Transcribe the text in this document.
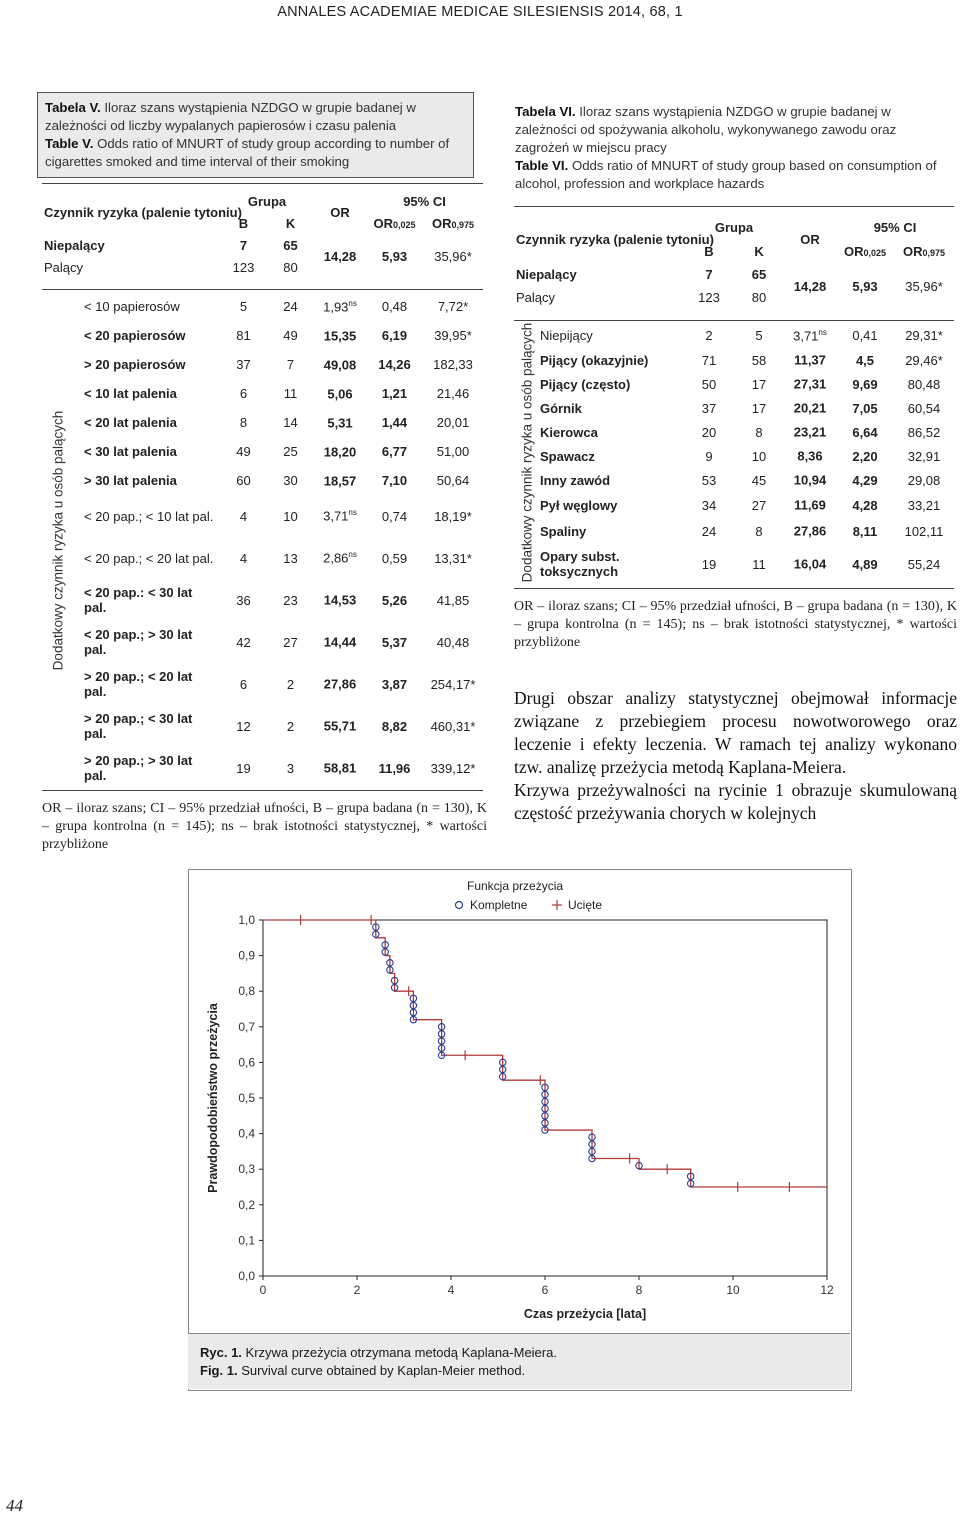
ANNALES ACADEMIAE MEDICAE SILESIENSIS 2014, 68, 1
Tabela V. Iloraz szans wystąpienia NZDGO w grupie badanej w zależności od liczby wypalanych papierosów i czasu palenia
Table V. Odds ratio of MNURT of study group according to number of cigarettes smoked and time interval of their smoking
Czynnik ryzyka (palenie tytoniu)	Grupa		OR	95% CI	
	B	K		OR0,025	OR0,975
Niepalący	7	65	14,28	5,93	35,96*
Palący	123	80			
Dodatkowy czynnik ryzyka u osób palących
< 10 papierosów	5	24	$1,93^{ns}$	0,48	7,72*
< 20 papierosów	81	49	15,35	6,19	39,95*
> 20 papierosów	37	7	49,08	14,26	182,33
< 10 lat palenia	6	11	5,06	1,21	21,46
< 20 lat palenia	8	14	5,31	1,44	20,01
< 30 lat palenia	49	25	18,20	6,77	51,00
> 30 lat palenia	60	30	18,57	7,10	50,64
< 20 pap.; < 10 lat pal.	4	10	$3,71^{ns}$	0,74	18,19*
< 20 pap.; < 20 lat pal.	4	13	$2,86^{ns}$	0,59	13,31*
< 20 pap.: < 30 lat pal.	36	23	14,53	5,26	41,85
< 20 pap.; > 30 lat pal.	42	27	14,44	5,37	40,48
> 20 pap.; < 20 lat pal.	6	2	27,86	3,87	254,17*
> 20 pap.; < 30 lat pal.	12	2	55,71	8,82	460,31*
> 20 pap.; > 30 lat pal.	19	3	58,81	11,96	339,12*
OR – iloraz szans; CI – 95% przedział ufności, B – grupa badana (n = 130), K – grupa kontrolna (n = 145); ns – brak istotności statystycznej, * wartości przybliżone
Tabela VI. Iloraz szans wystąpienia NZDGO w grupie badanej w zależności od spożywania alkoholu, wykonywanego zawodu oraz zagrożeń w miejscu pracy
Table VI. Odds ratio of MNURT of study group based on consumption of alcohol, profession and workplace hazards
Czynnik ryzyka (palenie tytoniu)	Grupa		OR	95% CI	
	B	K		OR0,025	OR0,975
Niepalący	7	65	14,28	5,93	35,96*
Palący	123	80			
Dodatkowy czynnik ryzyka u osób palących Niepijący	2	5	$3,71^{ns}$	0,41	29,31*
Pijący (okazyjnie)	71	58	11,37	4,5	29,46*
Pijący (często)	50	17	27,31	9,69	80,48
Górnik	37	17	20,21	7,05	60,54
Kierowca	20	8	23,21	6,64	86,52
Spawacz	9	10	8,36	2,20	32,91
Inny zawód	53	45	10,94	4,29	29,08
Pył węglowy	34	27	11,69	4,28	33,21
Spaliny	24	8	27,86	8,11	102,11
Opary subst. toksycznych	19	11	16,04	4,89	55,24
OR – iloraz szans; CI – 95% przedział ufności, B – grupa badana (n = 130), K – grupa kontrolna (n = 145); ns – brak istotności statystycznej, * wartości przybliżone

Drugi obszar analizy statystycznej obejmował informacje związane z przebiegiem procesu nowotworowego oraz leczenie i efekty leczenia. W ramach tej analizy wykonano tzw. analizę przeżycia metodą Kaplana-Meiera.

Krzywa przeżywalności na rycinie 1 obrazuje skumulowaną częstość przeżywania chorych w kolejnych

0,0
0,1
0,2
0,3
0,4
0,5
0,6
0,7
0,8
0,9
1,0
0	2	4	6	8	10	12
Czas przeżycia [lata]
Prawdopodobieństwo przeżycia
Funkcja przeżycia
Kompletne	Ucięte
Ryc. 1. Krzywa przeżycia otrzymana metodą Kaplana-Meiera.
Fig. 1. Survival curve obtained by Kaplan-Meier method.
44
